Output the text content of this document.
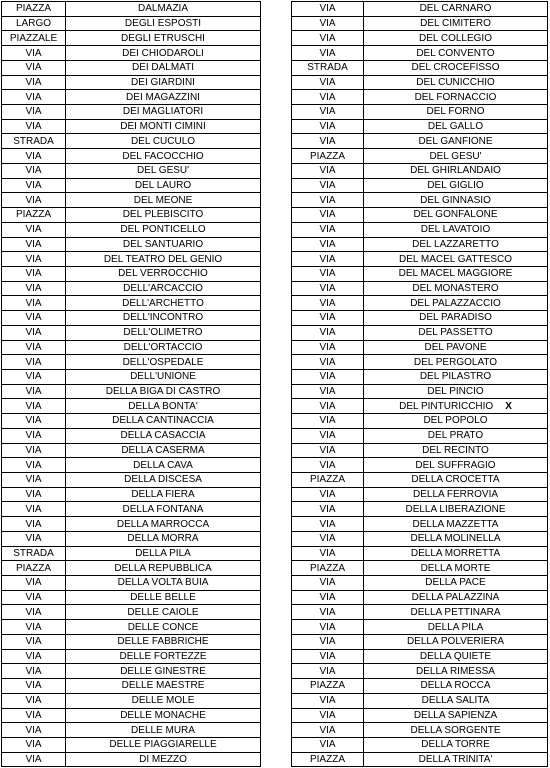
PIAZZA	DALMAZIA
LARGO	DEGLI ESPOSTI
PIAZZALE	DEGLI ETRUSCHI
VIA	DEI CHIODAROLI
VIA	DEI DALMATI
VIA	DEI GIARDINI
VIA	DEI MAGAZZINI
VIA	DEI MAGLIATORI
VIA	DEI MONTI CIMINI
STRADA	DEL CUCULO
VIA	DEL FACOCCHIO
VIA	DEL GESU'
VIA	DEL LAURO
VIA	DEL MEONE
PIAZZA	DEL PLEBISCITO
VIA	DEL PONTICELLO
VIA	DEL SANTUARIO
VIA	DEL TEATRO DEL GENIO
VIA	DEL VERROCCHIO
VIA	DELL'ARCACCIO
VIA	DELL'ARCHETTO
VIA	DELL'INCONTRO
VIA	DELL'OLIMETRO
VIA	DELL'ORTACCIO
VIA	DELL'OSPEDALE
VIA	DELL'UNIONE
VIA	DELLA BIGA DI CASTRO
VIA	DELLA BONTA'
VIA	DELLA CANTINACCIA
VIA	DELLA CASACCIA
VIA	DELLA CASERMA
VIA	DELLA CAVA
VIA	DELLA DISCESA
VIA	DELLA FIERA
VIA	DELLA FONTANA
VIA	DELLA MARROCCA
VIA	DELLA MORRA
STRADA	DELLA PILA
PIAZZA	DELLA REPUBBLICA
VIA	DELLA VOLTA BUIA
VIA	DELLE BELLE
VIA	DELLE CAIOLE
VIA	DELLE CONCE
VIA	DELLE FABBRICHE
VIA	DELLE FORTEZZE
VIA	DELLE GINESTRE
VIA	DELLE MAESTRE
VIA	DELLE MOLE
VIA	DELLE MONACHE
VIA	DELLE MURA
VIA	DELLE PIAGGIARELLE
VIA	DI MEZZO
VIA	DEL CARNARO
VIA	DEL CIMITERO
VIA	DEL COLLEGIO
VIA	DEL CONVENTO
STRADA	DEL CROCEFISSO
VIA	DEL CUNICCHIO
VIA	DEL FORNACCIO
VIA	DEL FORNO
VIA	DEL GALLO
VIA	DEL GANFIONE
PIAZZA	DEL GESU'
VIA	DEL GHIRLANDAIO
VIA	DEL GIGLIO
VIA	DEL GINNASIO
VIA	DEL GONFALONE
VIA	DEL LAVATOIO
VIA	DEL LAZZARETTO
VIA	DEL MACEL GATTESCO
VIA	DEL MACEL MAGGIORE
VIA	DEL MONASTERO
VIA	DEL PALAZZACCIO
VIA	DEL PARADISO
VIA	DEL PASSETTO
VIA	DEL PAVONE
VIA	DEL PERGOLATO
VIA	DEL PILASTRO
VIA	DEL PINCIO
VIA	DEL PINTURICCHIO X
VIA	DEL POPOLO
VIA	DEL PRATO
VIA	DEL RECINTO
VIA	DEL SUFFRAGIO
PIAZZA	DELLA CROCETTA
VIA	DELLA FERROVIA
VIA	DELLA LIBERAZIONE
VIA	DELLA MAZZETTA
VIA	DELLA MOLINELLA
VIA	DELLA MORRETTA
PIAZZA	DELLA MORTE
VIA	DELLA PACE
VIA	DELLA PALAZZINA
VIA	DELLA PETTINARA
VIA	DELLA PILA
VIA	DELLA POLVERIERA
VIA	DELLA QUIETE
VIA	DELLA RIMESSA
PIAZZA	DELLA ROCCA
VIA	DELLA SALITA
VIA	DELLA SAPIENZA
VIA	DELLA SORGENTE
VIA	DELLA TORRE
PIAZZA	DELLA TRINITA'
